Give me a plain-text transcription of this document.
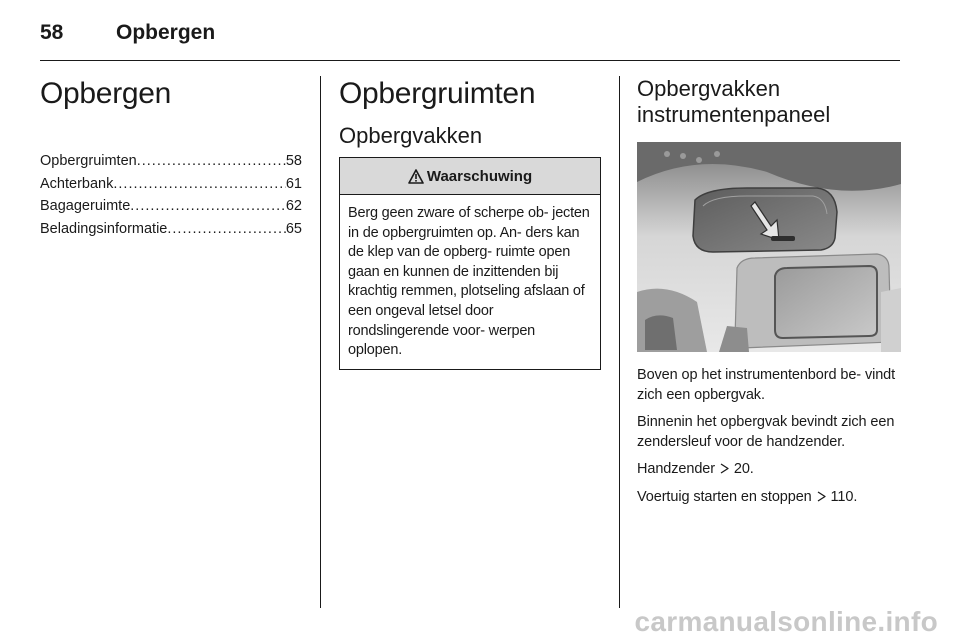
58	Opbergen
Opbergen
Opbergruimten .....	58
Achterbank .....	61
Bagageruimte .....	62
Beladingsinformatie .....	65
Opbergruimten
Opbergvakken
Waarschuwing
Berg geen zware of scherpe ob- jecten in de opbergruimten op. An- ders kan de klep van de opberg- ruimte open gaan en kunnen de inzittenden bij krachtig remmen, plotseling afslaan of een ongeval letsel door rondslingerende voor- werpen oplopen.
Opbergvakken instrumentenpaneel

Boven op het instrumentenbord be- vindt zich een opbergvak.

Binnenin het opbergvak bevindt zich een zendersleuf voor de handzender.

Handzender 20.

Voertuig starten en stoppen 110.

carmanualsonline.info
